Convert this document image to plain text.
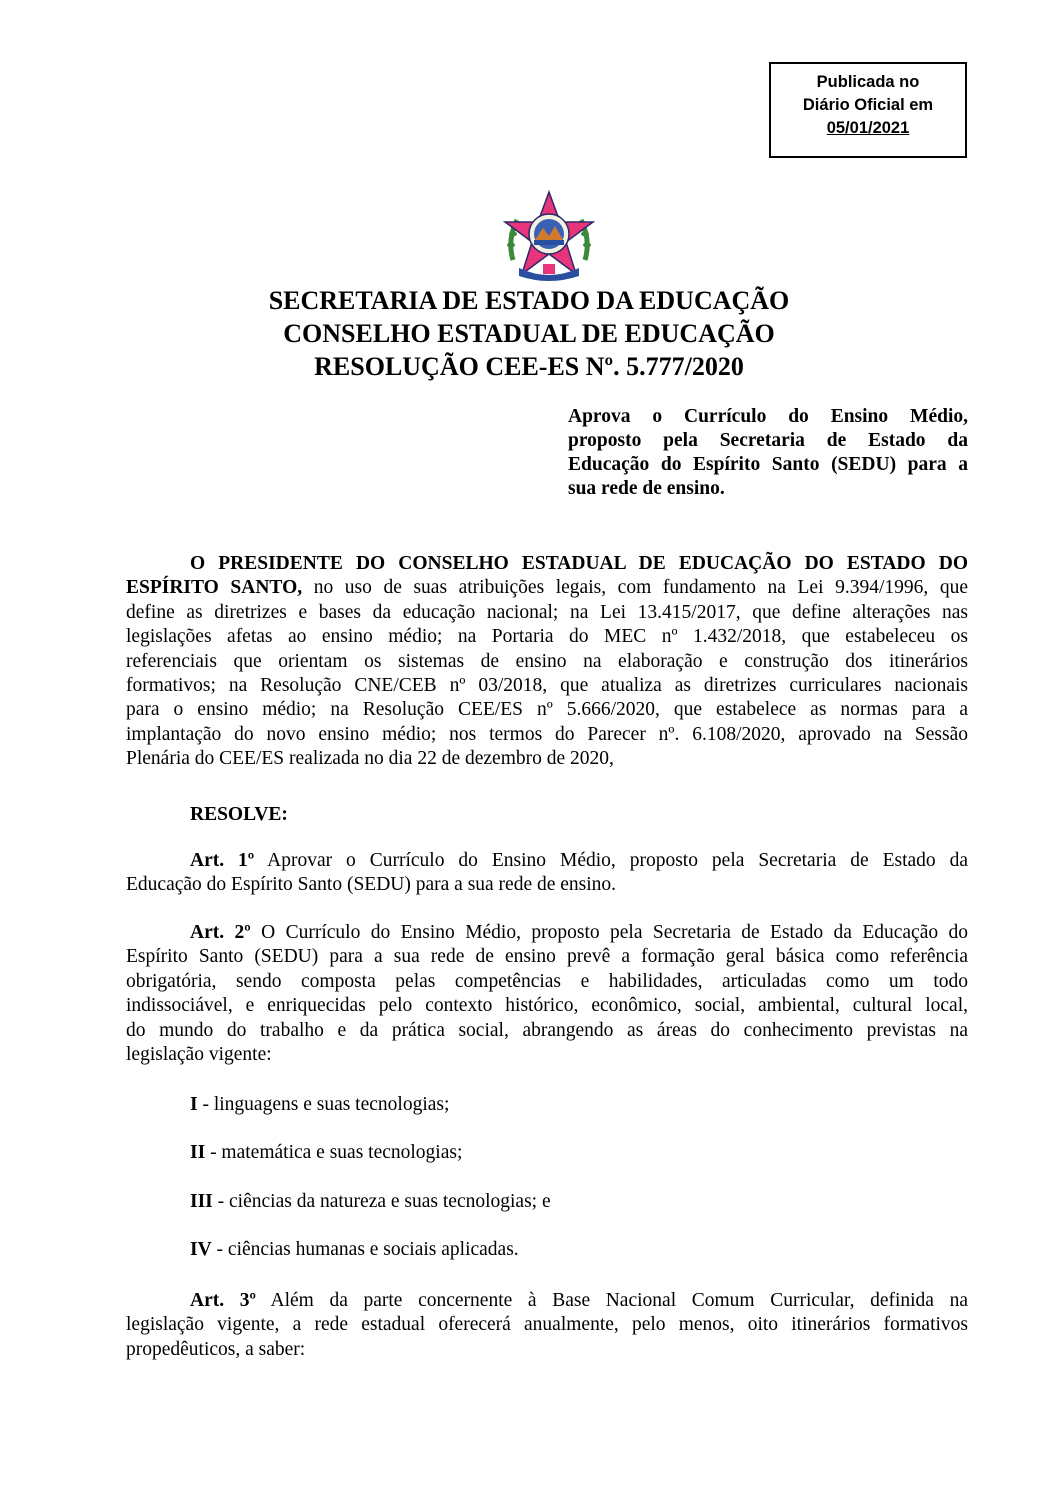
Publicada no
Diário Oficial em
05/01/2021
SECRETARIA DE ESTADO DA EDUCAÇÃO
CONSELHO ESTADUAL DE EDUCAÇÃO
RESOLUÇÃO CEE-ES Nº. 5.777/2020
Aprova o Currículo do Ensino Médio,
proposto pela Secretaria de Estado da
Educação do Espírito Santo (SEDU) para a
sua rede de ensino.
O PRESIDENTE DO CONSELHO ESTADUAL DE EDUCAÇÃO DO ESTADO DO
ESPÍRITO SANTO, no uso de suas atribuições legais, com fundamento na Lei 9.394/1996, que
define as diretrizes e bases da educação nacional; na Lei 13.415/2017, que define alterações nas
legislações afetas ao ensino médio; na Portaria do MEC nº 1.432/2018, que estabeleceu os
referenciais que orientam os sistemas de ensino na elaboração e construção dos itinerários
formativos; na Resolução CNE/CEB nº 03/2018, que atualiza as diretrizes curriculares nacionais
para o ensino médio; na Resolução CEE/ES nº 5.666/2020, que estabelece as normas para a
implantação do novo ensino médio; nos termos do Parecer nº. 6.108/2020, aprovado na Sessão
Plenária do CEE/ES realizada no dia 22 de dezembro de 2020,
RESOLVE:
Art. 1º Aprovar o Currículo do Ensino Médio, proposto pela Secretaria de Estado da
Educação do Espírito Santo (SEDU) para a sua rede de ensino.
Art. 2º O Currículo do Ensino Médio, proposto pela Secretaria de Estado da Educação do
Espírito Santo (SEDU) para a sua rede de ensino prevê a formação geral básica como referência
obrigatória, sendo composta pelas competências e habilidades, articuladas como um todo
indissociável, e enriquecidas pelo contexto histórico, econômico, social, ambiental, cultural local,
do mundo do trabalho e da prática social, abrangendo as áreas do conhecimento previstas na
legislação vigente:
I - linguagens e suas tecnologias;
II - matemática e suas tecnologias;
III - ciências da natureza e suas tecnologias; e
IV - ciências humanas e sociais aplicadas.
Art. 3º Além da parte concernente à Base Nacional Comum Curricular, definida na
legislação vigente, a rede estadual oferecerá anualmente, pelo menos, oito itinerários formativos
propedêuticos, a saber:
